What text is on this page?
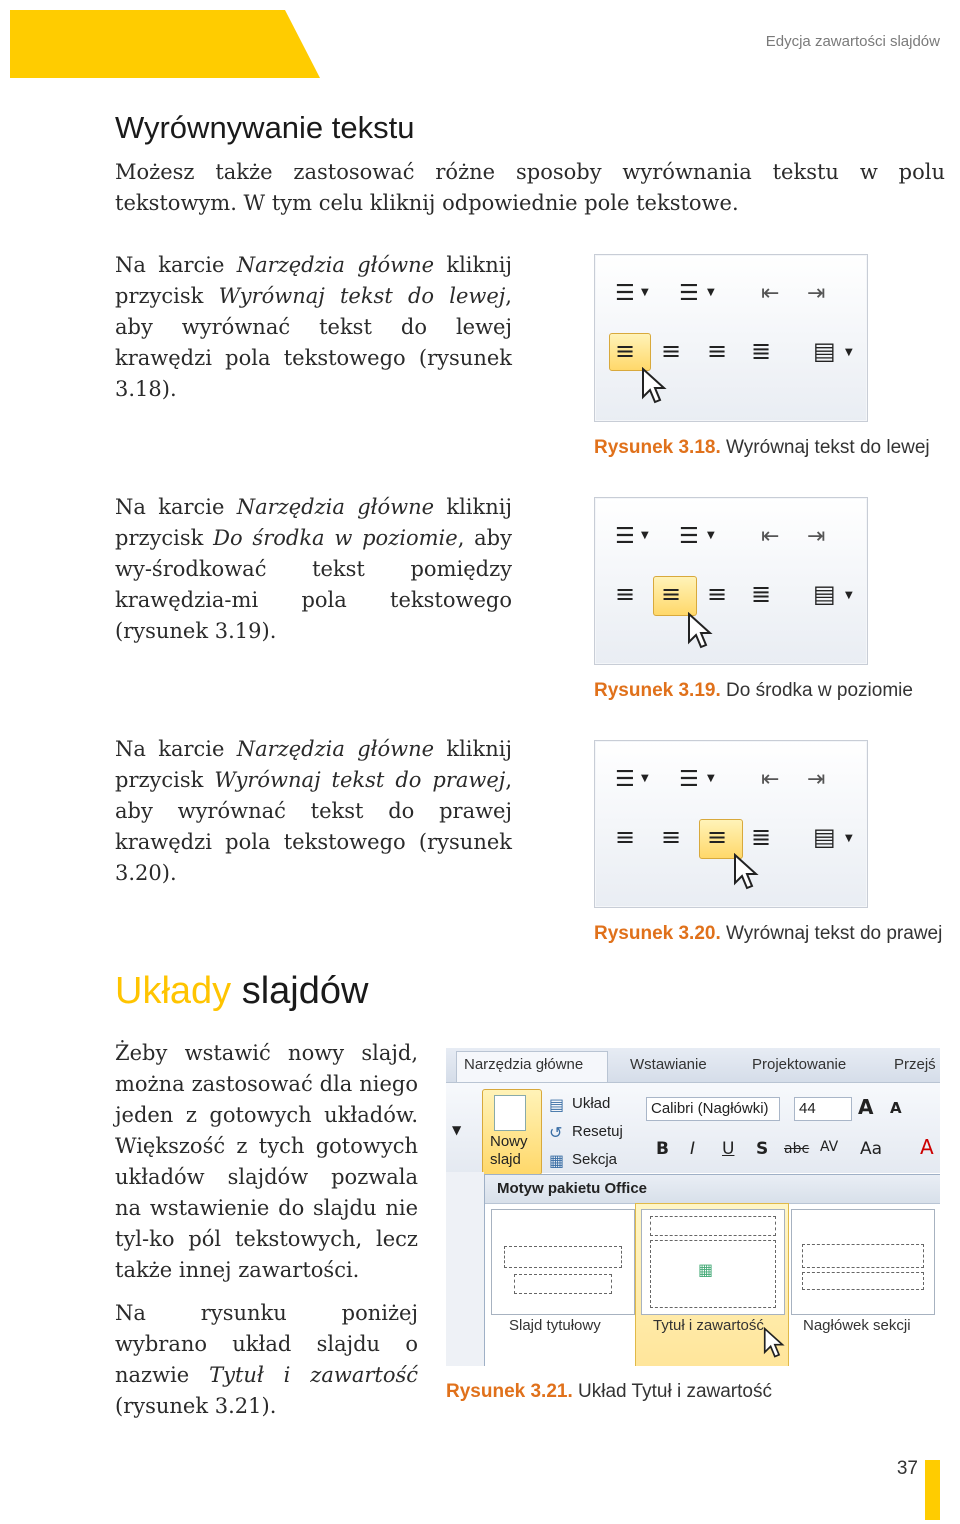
Edycja zawartości slajdów
Wyrównywanie tekstu
Możesz także zastosować różne sposoby wyrównania tekstu w polu tekstowym. W tym celu kliknij odpowiednie pole tekstowe.
Na karcie Narzędzia główne kliknij przycisk Wyrównaj tekst do lewej, aby wyrównać tekst do lewej krawędzi pola tekstowego (rysunek 3.18).
Na karcie Narzędzia główne kliknij przycisk Do środka w poziomie, aby wy-środkować tekst pomiędzy krawędzia-mi pola tekstowego (rysunek 3.19).
Na karcie Narzędzia główne kliknij przycisk Wyrównaj tekst do prawej, aby wyrównać tekst do prawej krawędzi pola tekstowego (rysunek 3.20).
☰ ▼ ☰ ▼ ⇤ ⇥
≡ ≡ ≡ ≣ ▤ ▼
Rysunek 3.18. Wyrównaj tekst do lewej
☰ ▼ ☰ ▼ ⇤ ⇥
≡ ≡ ≡ ≣ ▤ ▼
Rysunek 3.19. Do środka w poziomie
☰ ▼ ☰ ▼ ⇤ ⇥
≡ ≡ ≡ ≣ ▤ ▼
Rysunek 3.20. Wyrównaj tekst do prawej
Układy slajdów
Żeby wstawić nowy slajd, można zastosować dla niego jeden z gotowych układów. Większość z tych gotowych układów slajdów pozwala na wstawienie do slajdu nie tyl-ko pól tekstowych, lecz także innej zawartości.
Na rysunku poniżej wybrano układ slajdu o nazwie Tytuł i zawartość (rysunek 3.21).
Narzędzia główne	Wstawianie	Projektowanie	Przejś
▼
Nowy
slajd
▤ Układ
↺ Resetuj
▦ Sekcja
Calibri (Nagłówki)	44	A A
B I U S abc AV Aa A
Motyw pakietu Office
▦
Slajd tytułowy	Tytuł i zawartość	Nagłówek sekcji
Rysunek 3.21. Układ Tytuł i zawartość
37
